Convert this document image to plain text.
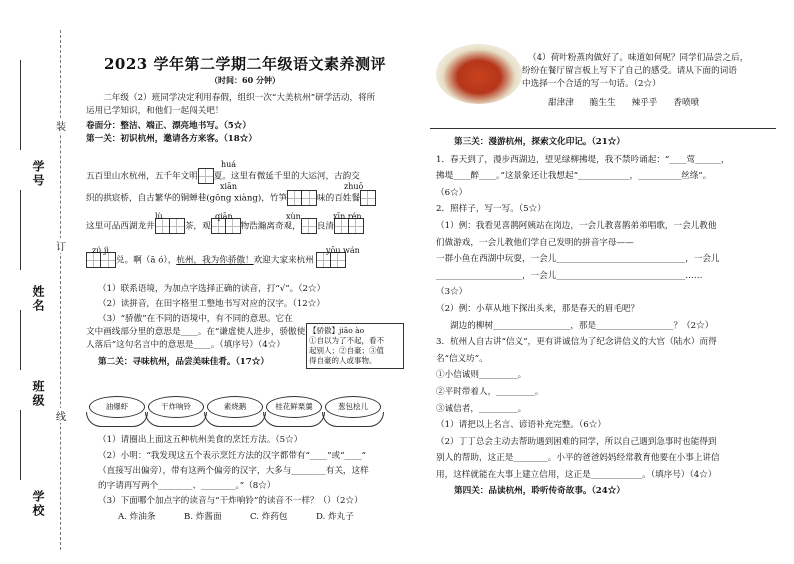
学号
姓名
班级
学校
装
订
线
2023 学年第二学期二年级语文素养测评
（时间：60 分钟）
二年级（2）班同学决定利用春假，组织一次“大美杭州”研学活动，将所
运用已学知识，和他们一起闯关吧！
卷面分：整洁、端正、漂亮地书写。（5☆）
第一关：初识杭州，邀请各方来客。（18☆）
五百里山水杭州，五千年文明 夏。这里有微延千里的大运河，古韵交
织的拱宸桥，自古繁华的铜蝉巷(gōng xiàng)，竹笋	味的百姓餐
这里可品西湖龙井	茶，观	物浩瀚离奇观， 良清
兑。啊（ā ó），杭州，我为你骄傲！欢迎大家来杭州
huá
xiān	zhuō
lù	qiān	xùn	xīn rén
zú jì	yōu wán
（1）联系语境，为加点字选择正确的读音，打“√”。（2☆）
（2）读拼音，在田字格里工整地书写对应的汉字。（12☆）
（3）“骄傲”在不同的语境中，有不同的意思。它在
文中画线部分里的意思是____。在“谦虚使人进步，骄傲使
人落后”这句名言中的意思是____。（填序号）（4☆）
第二关：寻味杭州，品尝美味佳肴。（17☆）
【骄傲】jiāo ào
①自以为了不起，看不
起别人；②自豪；③值
得自豪的人或事物。
油爆虾	干炸响铃	素烧鹅	桂花鲜栗羹	葱包桧儿
（1）请圈出上面这五种杭州美食的烹饪方法。（5☆）
（2）小明：“我发现这五个表示烹饪方法的汉字都带有“____”或“____”
（直接写出偏旁），带有这两个偏旁的汉字，大多与________有关，这样
的字请再写两个________、________。”（8☆）
（3）下面哪个加点字的读音与“干炸响铃”的读音不一样？（）（2☆）
A. 炸油条	B. 炸酱面	C. 炸药包	D. 炸丸子
（4）荷叶粉蒸肉做好了。味道如何呢？同学们品尝之后，
纷纷在餐厅留言板上写下了自己的感受。请从下面的词语
中选择一个合适的写一句话。（2☆）
甜津津 脆生生 辣乎乎 香喷喷
第三关：漫游杭州，探索文化印记。（21☆）
1．春天到了，漫步西湖边，望见绿柳拂堤，我不禁吟诵起：“____莺______，
拂堤____醉____。”这景象还让我想起“____________，__________丝绦”。
（6☆）
2．照样子，写一写。（5☆）
（1）例：我看见喜鹊阿姨站在岗边，一会儿教喜鹊弟弟唱歌，一会儿教他
们做游戏，一会儿教他们学自己发明的拼音字母——
一群小鱼在西湖中玩耍，一会儿______________________________，一会儿
____________________，一会儿______________________________……
（3☆）
（2）例：小草从地下探出头来，那是春天的眉毛吧？
湖边的柳树__________________，那是__________________？（2☆）
3．杭州人自古讲“信义”，更有讲诚信为了纪念讲信义的大官（陆水）而得
名“信义坊”。
①小信诚则_________。
②平时带着人，_________。
③诚信者，_________。
（1）请把以上名言、谚语补充完整。（6☆）
（2）丁丁总会主动去帮助遇到困难的同学，所以自己遇到急事时也能得到
别人的帮助，这正是________。小平的爸爸妈妈经常教育他要在小事上讲信
用，这样就能在大事上建立信用，这正是____________。（填序号）（4☆）
第四关：品读杭州，聆听传奇故事。（24☆）
